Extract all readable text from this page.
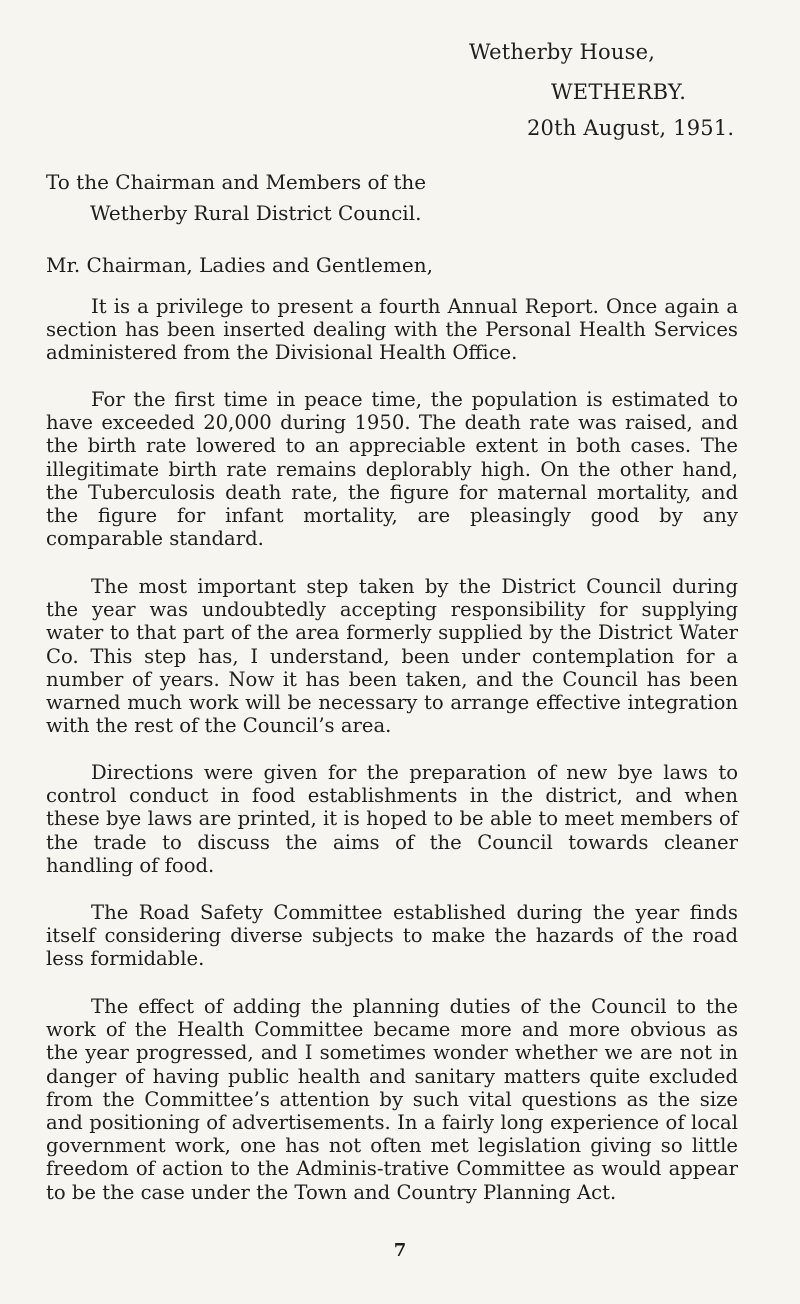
Wetherby House,
WETHERBY.
20th August, 1951.
To the Chairman and Members of the
Wetherby Rural District Council.
Mr. Chairman, Ladies and Gentlemen,

It is a privilege to present a fourth Annual Report. Once again a section has been inserted dealing with the Personal Health Services administered from the Divisional Health Office.

For the first time in peace time, the population is estimated to have exceeded 20,000 during 1950. The death rate was raised, and the birth rate lowered to an appreciable extent in both cases. The illegitimate birth rate remains deplorably high. On the other hand, the Tuberculosis death rate, the figure for maternal mortality, and the figure for infant mortality, are pleasingly good by any comparable standard.

The most important step taken by the District Council during the year was undoubtedly accepting responsibility for supplying water to that part of the area formerly supplied by the District Water Co. This step has, I understand, been under contemplation for a number of years. Now it has been taken, and the Council has been warned much work will be necessary to arrange effective integration with the rest of the Council’s area.

Directions were given for the preparation of new bye laws to control conduct in food establishments in the district, and when these bye laws are printed, it is hoped to be able to meet members of the trade to discuss the aims of the Council towards cleaner handling of food.

The Road Safety Committee established during the year finds itself considering diverse subjects to make the hazards of the road less formidable.

The effect of adding the planning duties of the Council to the work of the Health Committee became more and more obvious as the year progressed, and I sometimes wonder whether we are not in danger of having public health and sanitary matters quite excluded from the Committee’s attention by such vital questions as the size and positioning of advertisements. In a fairly long experience of local government work, one has not often met legislation giving so little freedom of action to the Adminis-trative Committee as would appear to be the case under the Town and Country Planning Act.

7
